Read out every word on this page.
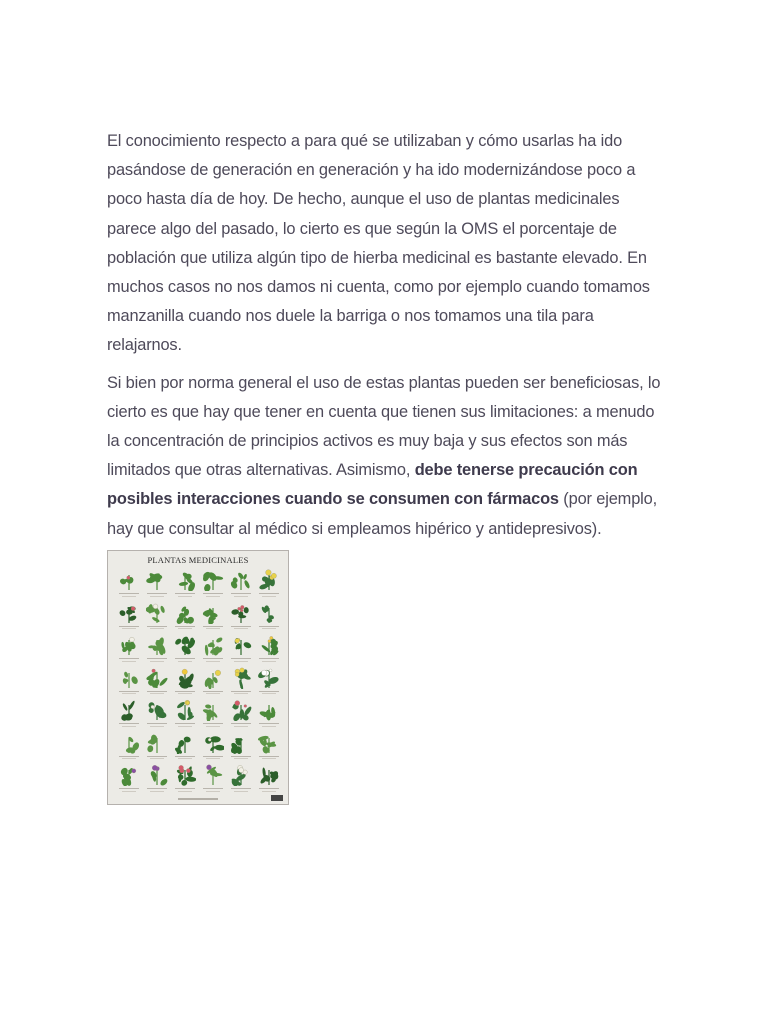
El conocimiento respecto a para qué se utilizaban y cómo usarlas ha ido pasándose de generación en generación y ha ido modernizándose poco a poco hasta día de hoy. De hecho, aunque el uso de plantas medicinales parece algo del pasado, lo cierto es que según la OMS el porcentaje de población que utiliza algún tipo de hierba medicinal es bastante elevado. En muchos casos no nos damos ni cuenta, como por ejemplo cuando tomamos manzanilla cuando nos duele la barriga o nos tomamos una tila para relajarnos.

Si bien por norma general el uso de estas plantas pueden ser beneficiosas, lo cierto es que hay que tener en cuenta que tienen sus limitaciones: a menudo la concentración de principios activos es muy baja y sus efectos son más limitados que otras alternativas. Asimismo, debe tenerse precaución con posibles interacciones cuando se consumen con fármacos (por ejemplo, hay que consultar al médico si empleamos hipérico y antidepresivos).

PLANTAS MEDICINALES
